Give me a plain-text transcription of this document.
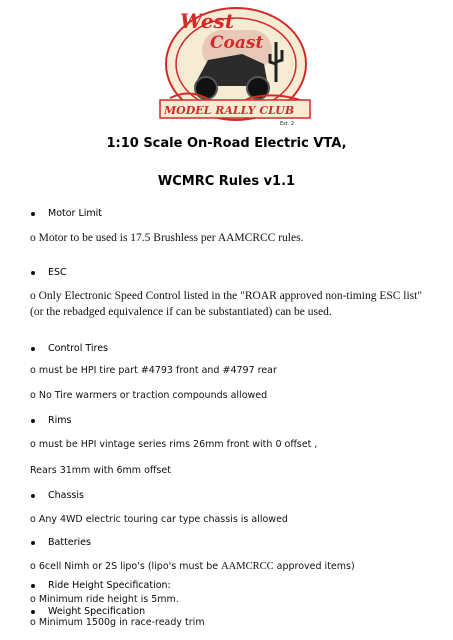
West
Coast
MODEL RALLY CLUB
Est. 2
1:10 Scale On-Road Electric VTA,
WCMRC Rules v1.1
Motor Limit
o Motor to be used is 17.5 Brushless per AAMCRCC rules.
ESC
o Only Electronic Speed Control listed in the "ROAR approved non-timing ESC list" (or the rebadged equivalence if can be substantiated) can be used.
Control Tires
o must be HPI tire part #4793 front and #4797 rear
o No Tire warmers or traction compounds allowed
Rims
o must be HPI vintage series rims 26mm front with 0 offset ,
Rears 31mm with 6mm offset
Chassis
o Any 4WD electric touring car type chassis is allowed
Batteries
o 6cell Nimh or 2S lipo's (lipo's must be AAMCRCC approved items)
Ride Height Specification:
o Minimum ride height is 5mm.
Weight Specification
o Minimum 1500g in race-ready trim
